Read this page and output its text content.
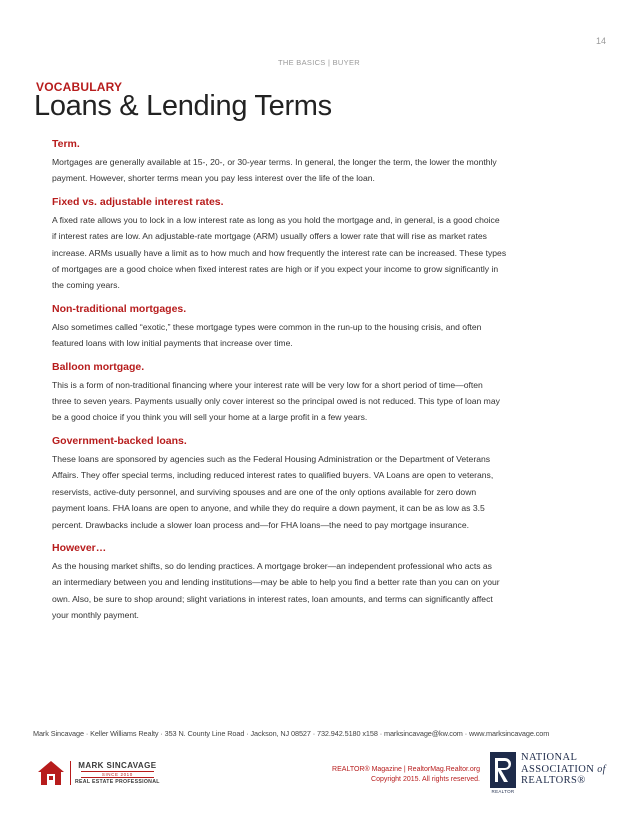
14
THE BASICS | BUYER
VOCABULARY
Loans & Lending Terms
Term.

Mortgages are generally available at 15-, 20-, or 30-year terms. In general, the longer the term, the lower the monthly
payment. However, shorter terms mean you pay less interest over the life of the loan.

Fixed vs. adjustable interest rates.

A fixed rate allows you to lock in a low interest rate as long as you hold the mortgage and, in general, is a good choice
if interest rates are low. An adjustable-rate mortgage (ARM) usually offers a lower rate that will rise as market rates
increase. ARMs usually have a limit as to how much and how frequently the interest rate can be increased. These types
of mortgages are a good choice when fixed interest rates are high or if you expect your income to grow significantly in
the coming years.

Non-traditional mortgages.

Also sometimes called “exotic,” these mortgage types were common in the run-up to the housing crisis, and often
featured loans with low initial payments that increase over time.

Balloon mortgage.

This is a form of non-traditional financing where your interest rate will be very low for a short period of time—often
three to seven years. Payments usually only cover interest so the principal owed is not reduced. This type of loan may
be a good choice if you think you will sell your home at a large profit in a few years.

Government-backed loans.

These loans are sponsored by agencies such as the Federal Housing Administration or the Department of Veterans
Affairs. They offer special terms, including reduced interest rates to qualified buyers. VA Loans are open to veterans,
reservists, active-duty personnel, and surviving spouses and are one of the only options available for zero down
payment loans. FHA loans are open to anyone, and while they do require a down payment, it can be as low as 3.5
percent. Drawbacks include a slower loan process and—for FHA loans—the need to pay mortgage insurance.

However…

As the housing market shifts, so do lending practices. A mortgage broker—an independent professional who acts as
an intermediary between you and lending institutions—may be able to help you find a better rate than you can on your
own. Also, be sure to shop around; slight variations in interest rates, loan amounts, and terms can significantly affect
your monthly payment.

Mark Sincavage · Keller Williams Realty · 353 N. County Line Road · Jackson, NJ 08527 · 732.942.5180 x158 · marksincavage@kw.com · www.marksincavage.com
MARK SINCAVAGE
SINCE 2010
REAL ESTATE PROFESSIONAL
REALTOR® Magazine | RealtorMag.Realtor.org
Copyright 2015. All rights reserved.
REALTOR
NATIONAL
ASSOCIATION of
REALTORS®
